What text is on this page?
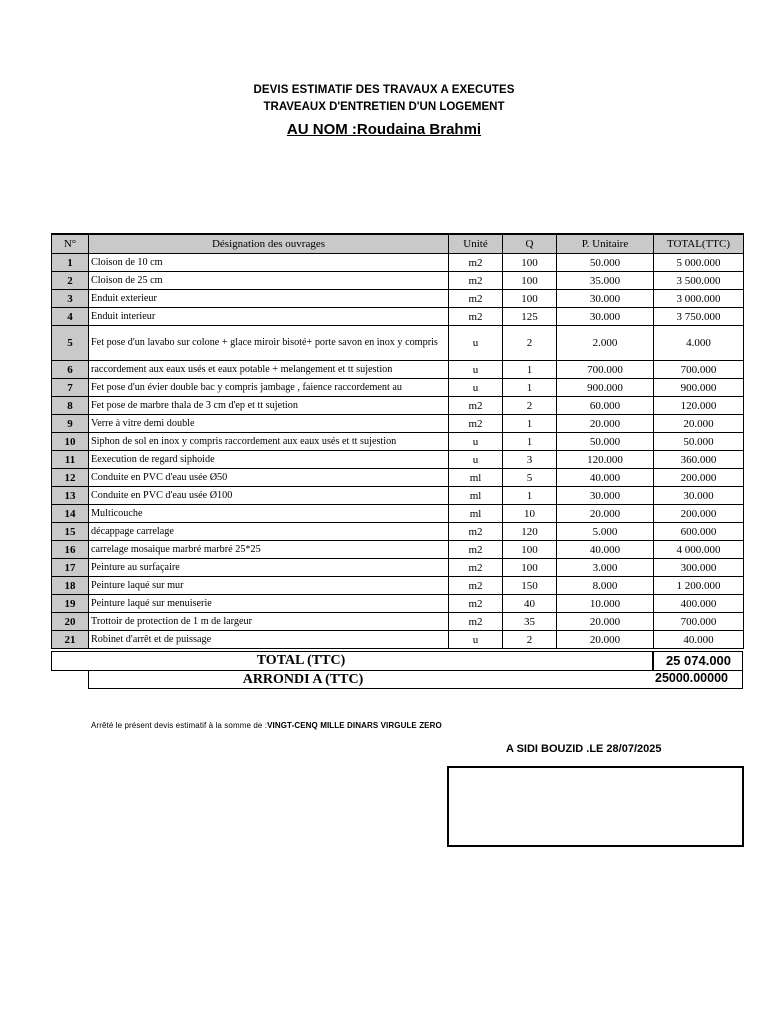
DEVIS ESTIMATIF DES TRAVAUX A EXECUTES
TRAVEAUX D'ENTRETIEN D'UN LOGEMENT
AU NOM :Roudaina Brahmi
N°	Désignation des ouvrages	Unité	Q	P. Unitaire	TOTAL(TTC)
1	Cloison de 10 cm	m2	100	50.000	5 000.000
2	Cloison de 25 cm	m2	100	35.000	3 500.000
3	Enduit exterieur	m2	100	30.000	3 000.000
4	Enduit interieur	m2	125	30.000	3 750.000
5	Fet pose d'un lavabo sur colone + glace miroir bisoté+ porte savon en inox y compris	u	2	2.000	4.000
6	raccordement aux eaux usés et eaux potable + melangement et tt sujestion	u	1	700.000	700.000
7	Fet pose d'un évier double bac y compris jambage , faience raccordement au	u	1	900.000	900.000
8	Fet pose de marbre thala de 3 cm d'ep et tt sujetion	m2	2	60.000	120.000
9	Verre à vitre demi double	m2	1	20.000	20.000
10	Siphon de sol en inox y compris raccordement aux eaux usés et tt sujestion	u	1	50.000	50.000
11	Eexecution de regard siphoide	u	3	120.000	360.000
12	Conduite en PVC d'eau usée Ø50	ml	5	40.000	200.000
13	Conduite en PVC d'eau usée Ø100	ml	1	30.000	30.000
14	Multicouche	ml	10	20.000	200.000
15	décappage carrelage	m2	120	5.000	600.000
16	carrelage mosaique marbré marbré 25*25	m2	100	40.000	4 000.000
17	Peinture au surfaçaire	m2	100	3.000	300.000
18	Peinture laqué sur mur	m2	150	8.000	1 200.000
19	Peinture laqué sur menuiserie	m2	40	10.000	400.000
20	Trottoir de protection de 1 m de largeur	m2	35	20.000	700.000
21	Robinet d'arrêt et de puissage	u	2	20.000	40.000
TOTAL (TTC)	25 074.000
ARRONDI A (TTC)	25000.00000
Arrêté le présent devis estimatif à la somme de :VINGT-CENQ MILLE DINARS VIRGULE ZERO
A SIDI BOUZID .LE 28/07/2025
